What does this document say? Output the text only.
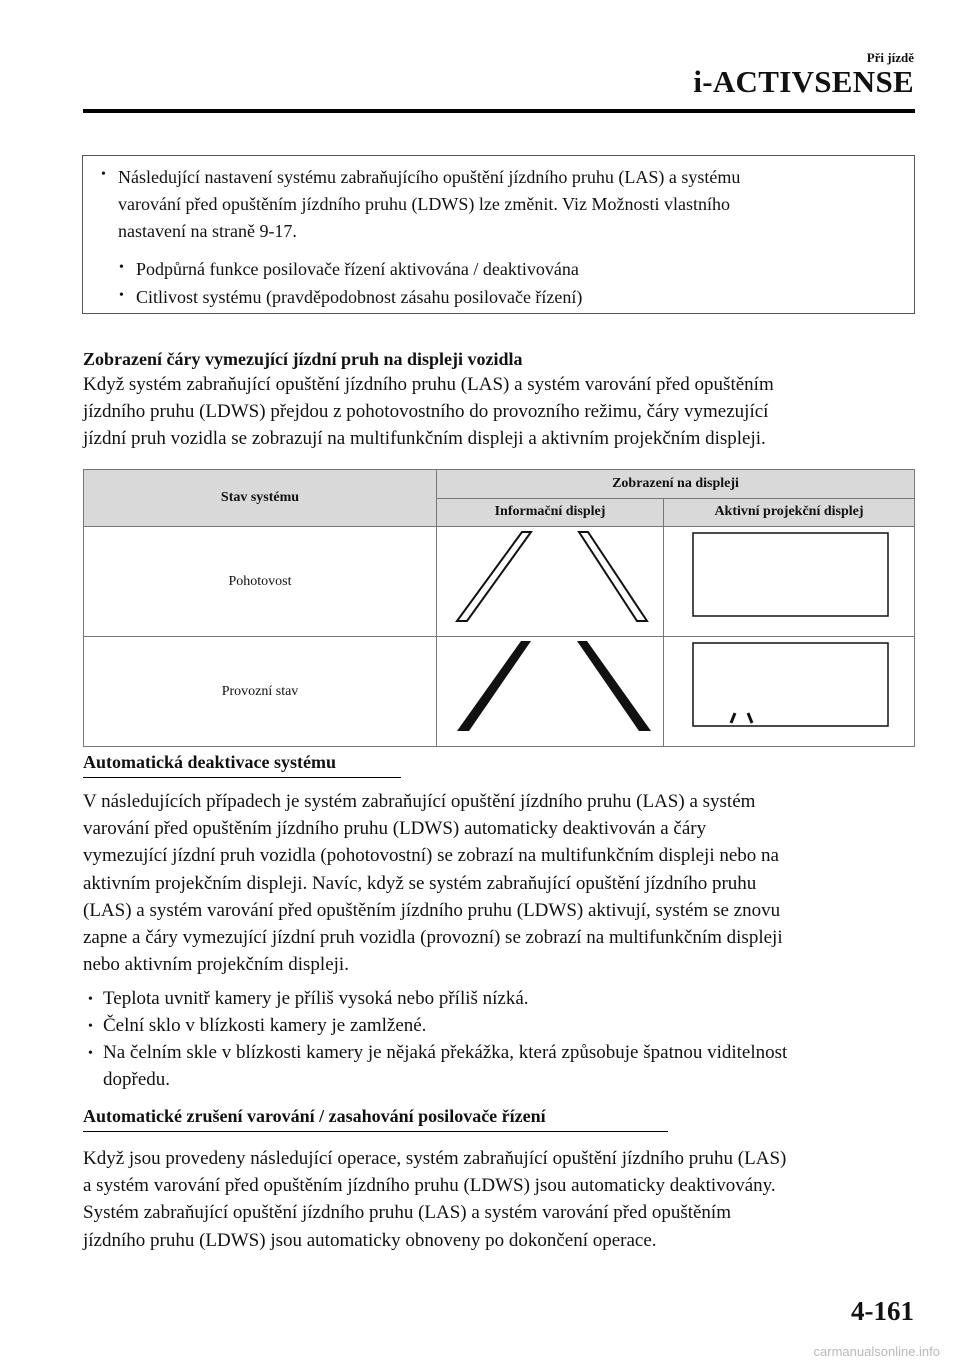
Při jízdě
i-ACTIVSENSE
• Následující nastavení systému zabraňujícího opuštění jízdního pruhu (LAS) a systému
varování před opuštěním jízdního pruhu (LDWS) lze změnit. Viz Možnosti vlastního
nastavení na straně 9-17.
• Podpůrná funkce posilovače řízení aktivována / deaktivována
• Citlivost systému (pravděpodobnost zásahu posilovače řízení)
Zobrazení čáry vymezující jízdní pruh na displeji vozidla
Když systém zabraňující opuštění jízdního pruhu (LAS) a systém varování před opuštěním
jízdního pruhu (LDWS) přejdou z pohotovostního do provozního režimu, čáry vymezující
jízdní pruh vozidla se zobrazují na multifunkčním displeji a aktivním projekčním displeji.
Stav systému	Zobrazení na displeji	
	Informační displej	Aktivní projekční displej
Pohotovost		
Provozní stav		
Automatická deaktivace systému
V následujících případech je systém zabraňující opuštění jízdního pruhu (LAS) a systém
varování před opuštěním jízdního pruhu (LDWS) automaticky deaktivován a čáry
vymezující jízdní pruh vozidla (pohotovostní) se zobrazí na multifunkčním displeji nebo na
aktivním projekčním displeji. Navíc, když se systém zabraňující opuštění jízdního pruhu
(LAS) a systém varování před opuštěním jízdního pruhu (LDWS) aktivují, systém se znovu
zapne a čáry vymezující jízdní pruh vozidla (provozní) se zobrazí na multifunkčním displeji
nebo aktivním projekčním displeji.
• Teplota uvnitř kamery je příliš vysoká nebo příliš nízká.
• Čelní sklo v blízkosti kamery je zamlžené.
• Na čelním skle v blízkosti kamery je nějaká překážka, která způsobuje špatnou viditelnost
dopředu.
Automatické zrušení varování / zasahování posilovače řízení
Když jsou provedeny následující operace, systém zabraňující opuštění jízdního pruhu (LAS)
a systém varování před opuštěním jízdního pruhu (LDWS) jsou automaticky deaktivovány.
Systém zabraňující opuštění jízdního pruhu (LAS) a systém varování před opuštěním
jízdního pruhu (LDWS) jsou automaticky obnoveny po dokončení operace.
4-161
carmanualsonline.info
